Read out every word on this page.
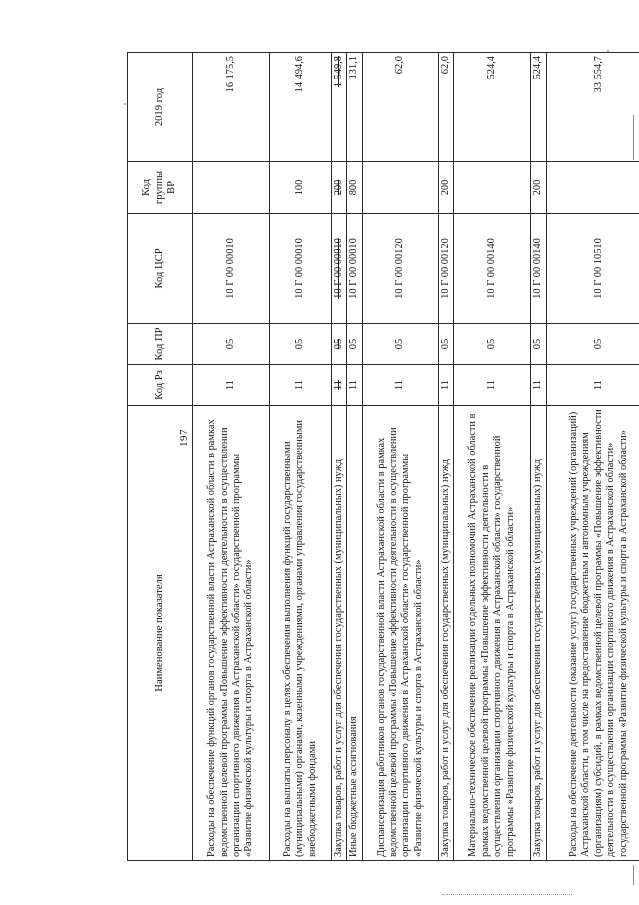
197
Наименование показателя	Код Рз	Код ПР	Код ЦСР	Код группы ВР	2019 год
Расходы на обеспечение функций органов государственной власти Астраханской области в рамках ведомственной целевой программы «Повышение эффективности деятельности в осуществлении организации спортивного движения в Астраханской области» государственной программы «Развитие физической культуры и спорта в Астраханской области»	11	05	10 Г 00 00010		16 175,5
Расходы на выплаты персоналу в целях обеспечения выполнения функций государственными (муниципальными) органами, казенными учреждениями, органами управления государственными внебюджетными фондами	11	05	10 Г 00 00010	100	14 494,6
Закупка товаров, работ и услуг для обеспечения государственных (муниципальных) нужд	11	05	10 Г 00 00010	200	1 549,8
Иные бюджетные ассигнования	11	05	10 Г 00 00010	800	131,1
Диспансеризация работников органов государственной власти Астраханской области в рамках ведомственной целевой программы «Повышение эффективности деятельности в осуществлении организации спортивного движения в Астраханской области» государственной программы «Развитие физической культуры и спорта в Астраханской области»	11	05	10 Г 00 00120		62,0
Закупка товаров, работ и услуг для обеспечения государственных (муниципальных) нужд	11	05	10 Г 00 00120	200	62,0
Материально-техническое обеспечение реализации отдельных полномочий Астраханской области в рамках ведомственной целевой программы «Повышение эффективности деятельности в осуществлении организации спортивного движения в Астраханской области» государственной программы «Развитие физической культуры и спорта в Астраханской области»	11	05	10 Г 00 00140		524,4
Закупка товаров, работ и услуг для обеспечения государственных (муниципальных) нужд	11	05	10 Г 00 00140	200	524,4
Расходы на обеспечение деятельности (оказание услуг) государственных учреждений (организаций) Астраханской области, в том числе на предоставление бюджетным и автономным учреждениям (организациям) субсидий, в рамках ведомственной целевой программы «Повышение эффективности деятельности в осуществлении организации спортивного движения в Астраханской области» государственной программы «Развитие физической культуры и спорта в Астраханской области»	11	05	10 Г 00 10510		33 554,7
